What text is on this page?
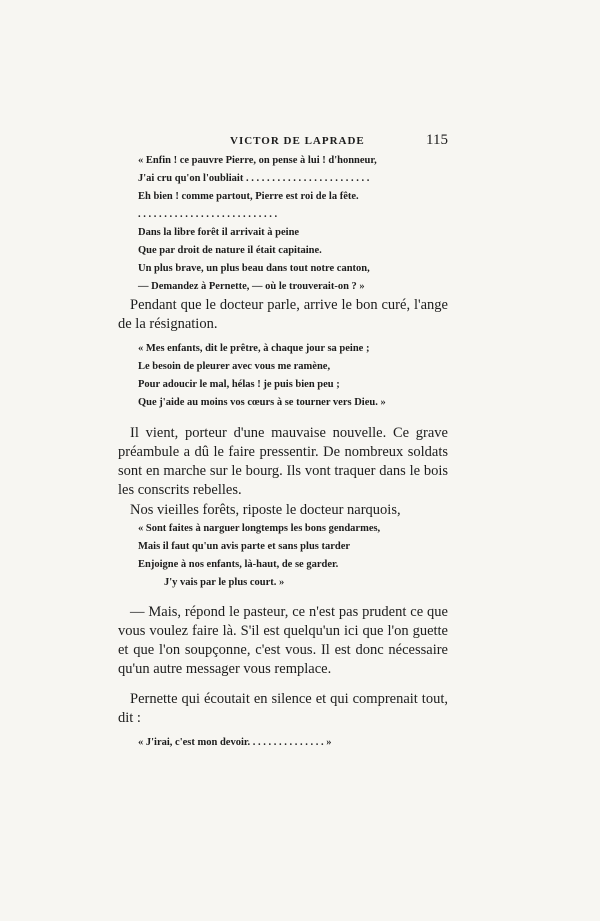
VICTOR DE LAPRADE	115
« Enfin ! ce pauvre Pierre, on pense à lui ! d'honneur,
J'ai cru qu'on l'oubliait . . . . . . . . . . . . . . . . . . . . . . . .
Eh bien ! comme partout, Pierre est roi de la fête.
. . . . . . . . . . . . . . . . . . . . . . . . . . .
Dans la libre forêt il arrivait à peine
Que par droit de nature il était capitaine.
Un plus brave, un plus beau dans tout notre canton,
— Demandez à Pernette, — où le trouverait-on ? »
Pendant que le docteur parle, arrive le bon curé, l'ange de la résignation.
« Mes enfants, dit le prêtre, à chaque jour sa peine ;
Le besoin de pleurer avec vous me ramène,
Pour adoucir le mal, hélas ! je puis bien peu ;
Que j'aide au moins vos cœurs à se tourner vers Dieu. »
Il vient, porteur d'une mauvaise nouvelle. Ce grave préambule a dû le faire pressentir. De nombreux soldats sont en marche sur le bourg. Ils vont traquer dans le bois les conscrits rebelles.
Nos vieilles forêts, riposte le docteur narquois,
« Sont faites à narguer longtemps les bons gendarmes,
Mais il faut qu'un avis parte et sans plus tarder
Enjoigne à nos enfants, là-haut, de se garder.
J'y vais par le plus court. »
— Mais, répond le pasteur, ce n'est pas prudent ce que vous voulez faire là. S'il est quelqu'un ici que l'on guette et que l'on soupçonne, c'est vous. Il est donc nécessaire qu'un autre messager vous remplace.
Pernette qui écoutait en silence et qui comprenait tout, dit :
« J'irai, c'est mon devoir. . . . . . . . . . . . . . . »
